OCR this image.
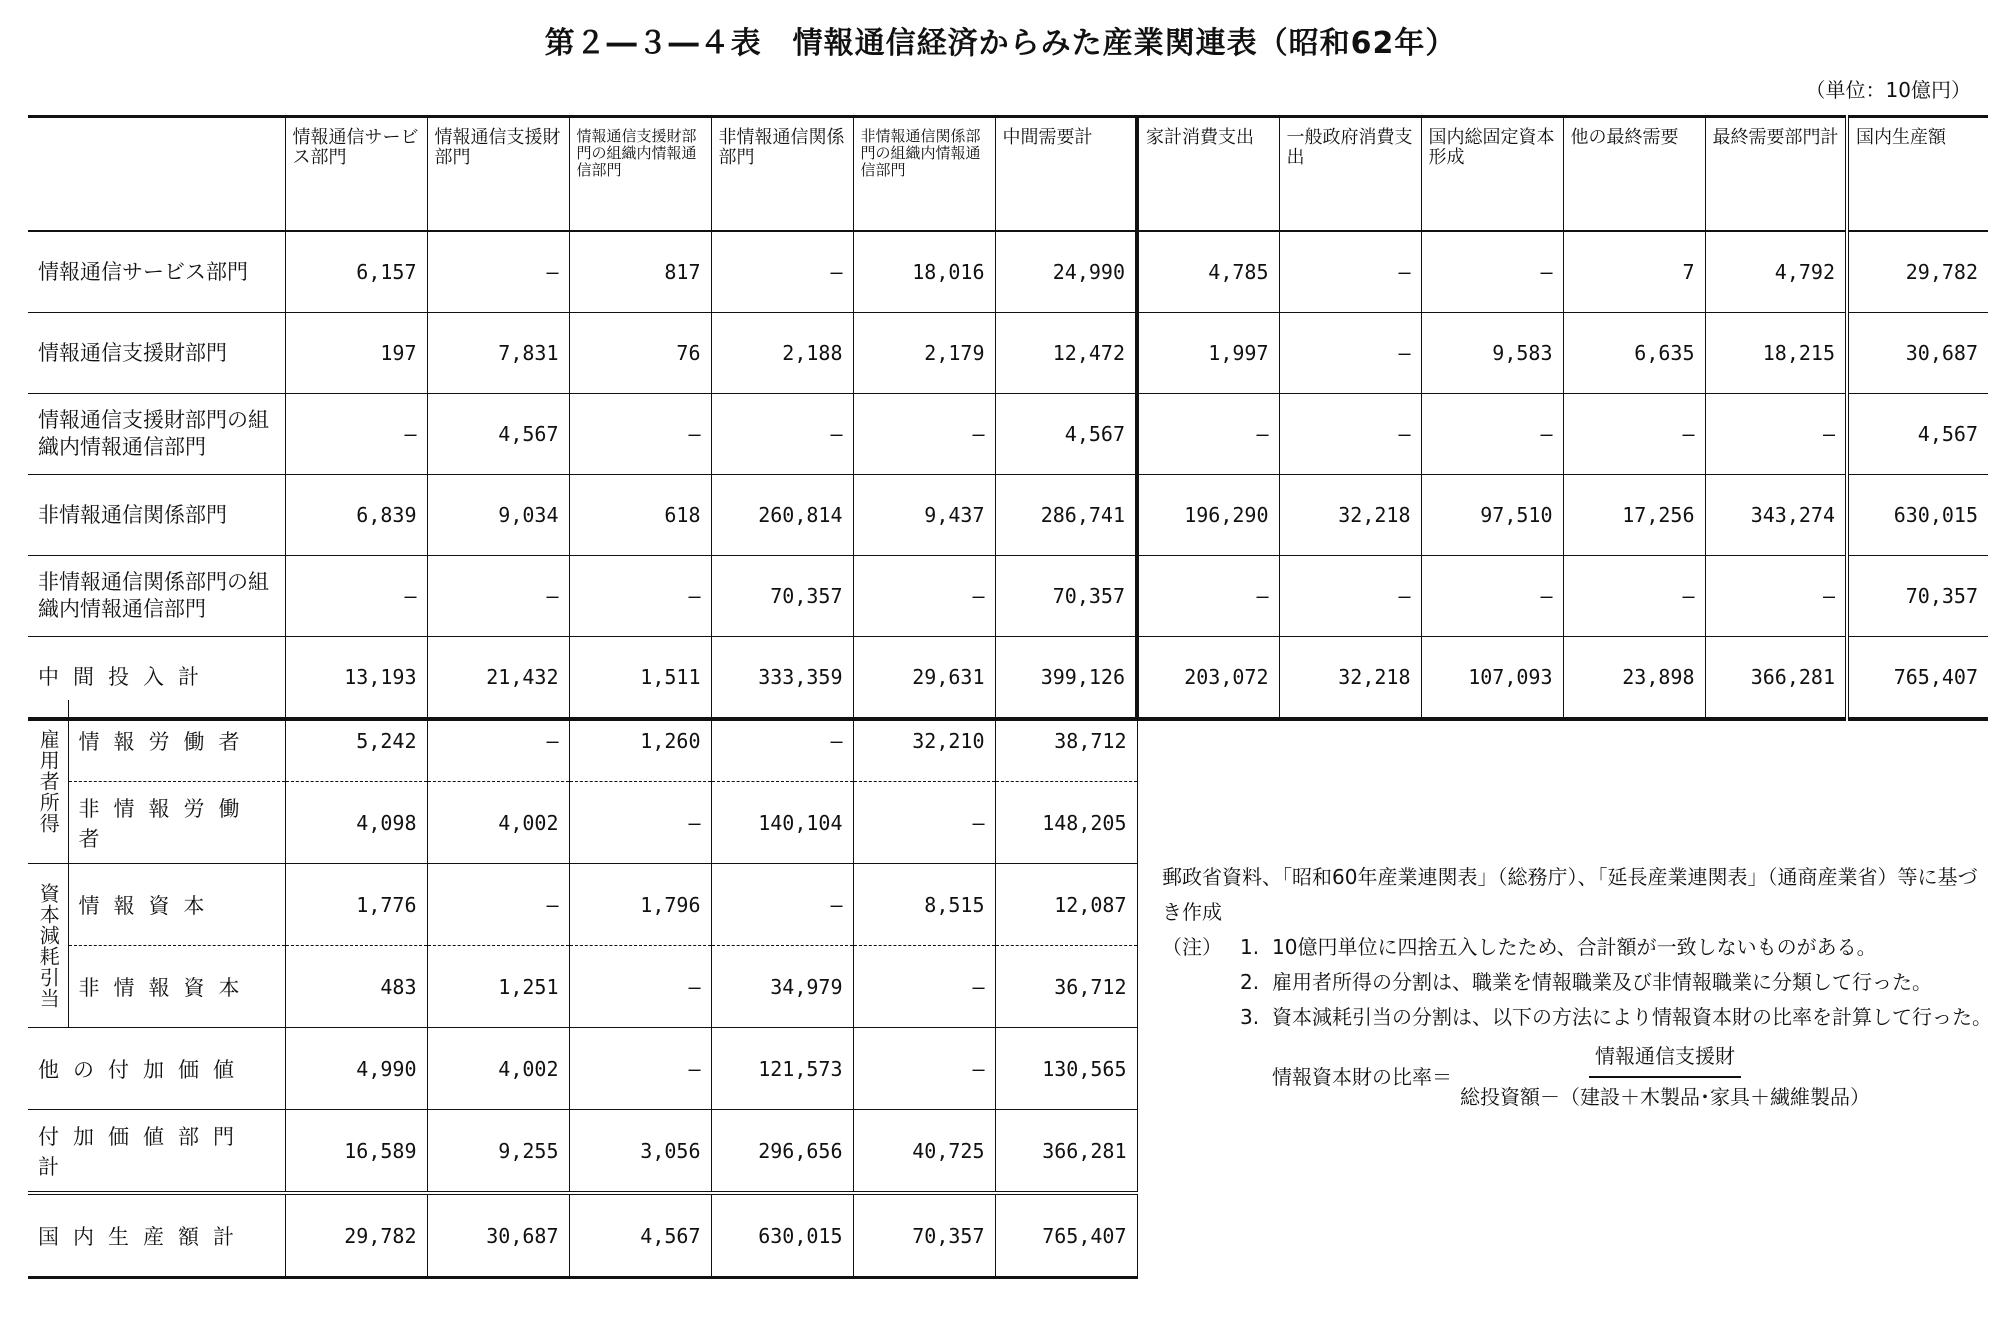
第２―３―４表　情報通信経済からみた産業関連表（昭和62年）
（単位：10億円）
	情報通信サービス部門	情報通信支援財部門	情報通信支援財部門の組織内情報通信部門	非情報通信関係部門	非情報通信関係部門の組織内情報通信部門	中間需要計	家計消費支出	一般政府消費支出	国内総固定資本形成	他の最終需要	最終需要部門計	国内生産額
情報通信サービス部門	6,157	―	817	―	18,016	24,990	4,785	―	―	7	4,792	29,782
情報通信支援財部門	197	7,831	76	2,188	2,179	12,472	1,997	―	9,583	6,635	18,215	30,687
情報通信支援財部門の組織内情報通信部門	―	4,567	―	―	―	4,567	―	―	―	―	―	4,567
非情報通信関係部門	6,839	9,034	618	260,814	9,437	286,741	196,290	32,218	97,510	17,256	343,274	630,015
非情報通信関係部門の組織内情報通信部門	―	―	―	70,357	―	70,357	―	―	―	―	―	70,357
中間投入計	13,193	21,432	1,511	333,359	29,631	399,126	203,072	32,218	107,093	23,898	366,281	765,407
雇用者所得	情報労働者	5,242	―	1,260	―	32,210	38,712
	非情報労働者	4,098	4,002	―	140,104	―	148,205

資本減耗引当	情報資本	1,776	―	1,796	―	8,515	12,087
	非情報資本	483	1,251	―	34,979	―	36,712
他の付加価値		4,990	4,002	―	121,573	―	130,565
付加価値部門計		16,589	9,255	3,056	296,656	40,725	366,281
国内生産額計		29,782	30,687	4,567	630,015	70,357	765,407

郵政省資料、「昭和60年産業連関表」（総務庁）、「延長産業連関表」（通商産業省）等に基づき作成

（注） 1. 10億円単位に四捨五入したため、合計額が一致しないものがある。
2. 雇用者所得の分割は、職業を情報職業及び非情報職業に分類して行った。
3. 資本減耗引当の分割は、以下の方法により情報資本財の比率を計算して行った。
情報資本財の比率＝ $\frac{\text{情報通信支援財}}{\text{総投資額－（建設＋木製品･家具＋繊維製品）}}$
